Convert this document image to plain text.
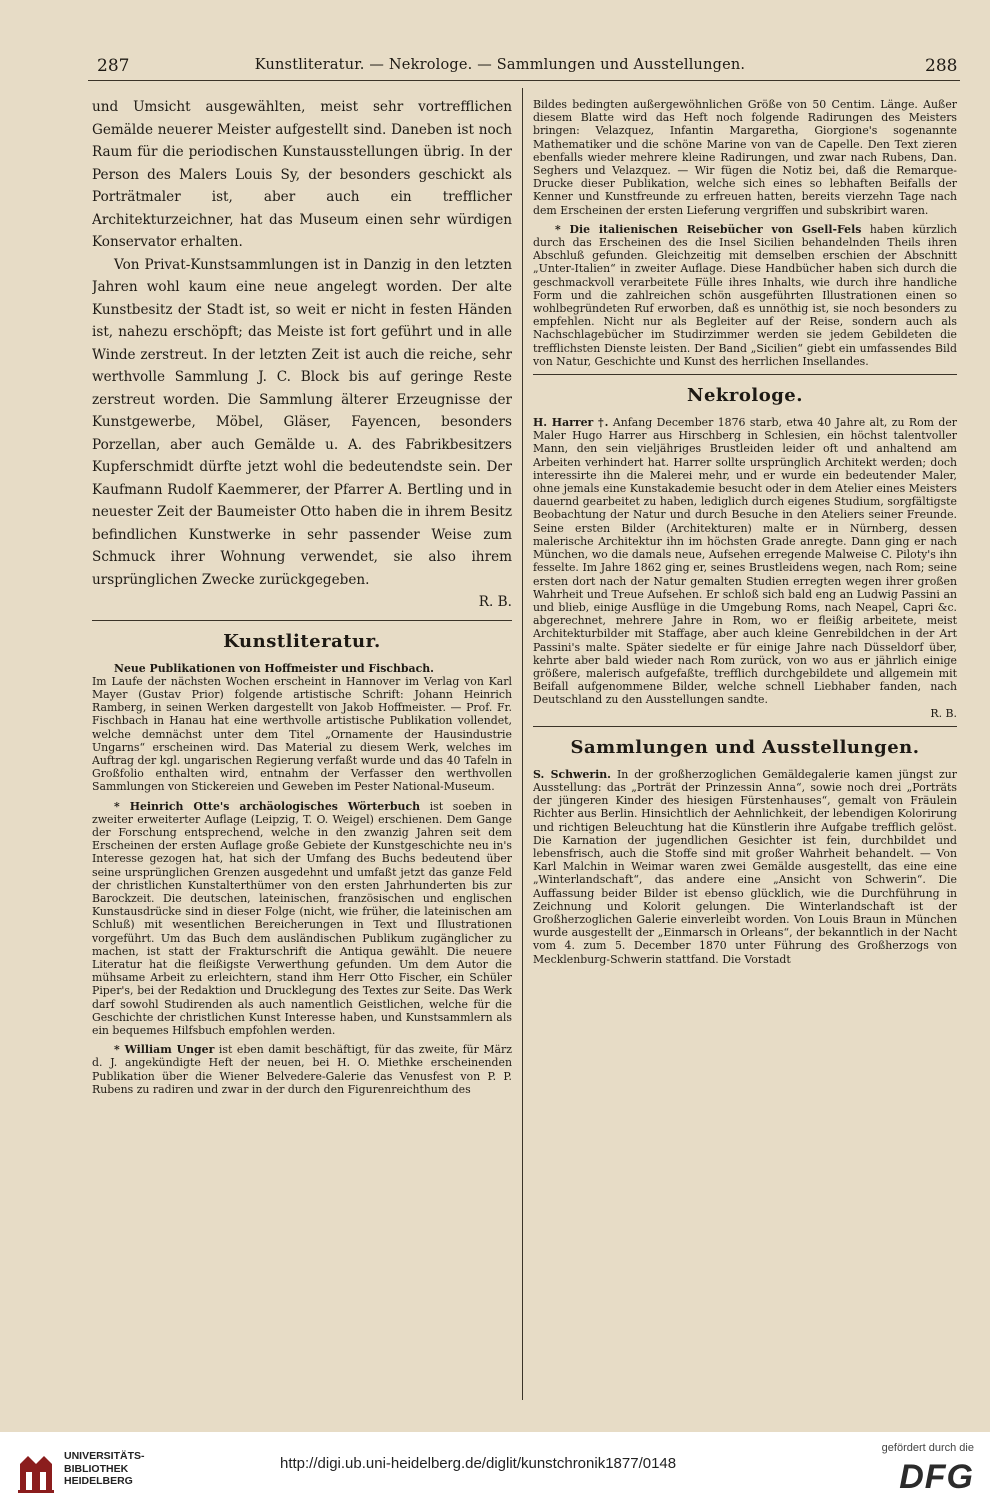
287	Kunstliteratur. — Nekrologe. — Sammlungen und Ausstellungen.	288

und Umsicht ausgewählten, meist sehr vortrefflichen Gemälde neuerer Meister aufgestellt sind. Daneben ist noch Raum für die periodischen Kunstausstellungen übrig. In der Person des Malers Louis Sy, der besonders geschickt als Porträtmaler ist, aber auch ein trefflicher Architekturzeichner, hat das Museum einen sehr würdigen Konservator erhalten.

Von Privat-Kunstsammlungen ist in Danzig in den letzten Jahren wohl kaum eine neue angelegt worden. Der alte Kunstbesitz der Stadt ist, so weit er nicht in festen Händen ist, nahezu erschöpft; das Meiste ist fort geführt und in alle Winde zerstreut. In der letzten Zeit ist auch die reiche, sehr werthvolle Sammlung J. C. Block bis auf geringe Reste zerstreut worden. Die Sammlung älterer Erzeugnisse der Kunstgewerbe, Möbel, Gläser, Fayencen, besonders Porzellan, aber auch Gemälde u. A. des Fabrikbesitzers Kupferschmidt dürfte jetzt wohl die bedeutendste sein. Der Kaufmann Rudolf Kaemmerer, der Pfarrer A. Bertling und in neuester Zeit der Baumeister Otto haben die in ihrem Besitz befindlichen Kunstwerke in sehr passender Weise zum Schmuck ihrer Wohnung verwendet, sie also ihrem ursprünglichen Zwecke zurückgegeben.

R. B.

Kunstliteratur.

Neue Publikationen von Hoffmeister und Fischbach.

Im Laufe der nächsten Wochen erscheint in Hannover im Verlag von Karl Mayer (Gustav Prior) folgende artistische Schrift: Johann Heinrich Ramberg, in seinen Werken dargestellt von Jakob Hoffmeister. — Prof. Fr. Fischbach in Hanau hat eine werthvolle artistische Publikation vollendet, welche demnächst unter dem Titel „Ornamente der Hausindustrie Ungarns“ erscheinen wird. Das Material zu diesem Werk, welches im Auftrag der kgl. ungarischen Regierung verfaßt wurde und das 40 Tafeln in Großfolio enthalten wird, entnahm der Verfasser den werthvollen Sammlungen von Stickereien und Geweben im Pester National-Museum.

* Heinrich Otte's archäologisches Wörterbuch ist soeben in zweiter erweiterter Auflage (Leipzig, T. O. Weigel) erschienen. Dem Gange der Forschung entsprechend, welche in den zwanzig Jahren seit dem Erscheinen der ersten Auflage große Gebiete der Kunstgeschichte neu in's Interesse gezogen hat, hat sich der Umfang des Buchs bedeutend über seine ursprünglichen Grenzen ausgedehnt und umfaßt jetzt das ganze Feld der christlichen Kunstalterthümer von den ersten Jahrhunderten bis zur Barockzeit. Die deutschen, lateinischen, französischen und englischen Kunstausdrücke sind in dieser Folge (nicht, wie früher, die lateinischen am Schluß) mit wesentlichen Bereicherungen in Text und Illustrationen vorgeführt. Um das Buch dem ausländischen Publikum zugänglicher zu machen, ist statt der Frakturschrift die Antiqua gewählt. Die neuere Literatur hat die fleißigste Verwerthung gefunden. Um dem Autor die mühsame Arbeit zu erleichtern, stand ihm Herr Otto Fischer, ein Schüler Piper's, bei der Redaktion und Drucklegung des Textes zur Seite. Das Werk darf sowohl Studirenden als auch namentlich Geistlichen, welche für die Geschichte der christlichen Kunst Interesse haben, und Kunstsammlern als ein bequemes Hilfsbuch empfohlen werden.

* William Unger ist eben damit beschäftigt, für das zweite, für März d. J. angekündigte Heft der neuen, bei H. O. Miethke erscheinenden Publikation über die Wiener Belvedere-Galerie das Venusfest von P. P. Rubens zu radiren und zwar in der durch den Figurenreichthum des

Bildes bedingten außergewöhnlichen Größe von 50 Centim. Länge. Außer diesem Blatte wird das Heft noch folgende Radirungen des Meisters bringen: Velazquez, Infantin Margaretha, Giorgione's sogenannte Mathematiker und die schöne Marine von van de Capelle. Den Text zieren ebenfalls wieder mehrere kleine Radirungen, und zwar nach Rubens, Dan. Seghers und Velazquez. — Wir fügen die Notiz bei, daß die Remarque-Drucke dieser Publikation, welche sich eines so lebhaften Beifalls der Kenner und Kunstfreunde zu erfreuen hatten, bereits vierzehn Tage nach dem Erscheinen der ersten Lieferung vergriffen und subskribirt waren.

* Die italienischen Reisebücher von Gsell-Fels haben kürzlich durch das Erscheinen des die Insel Sicilien behandelnden Theils ihren Abschluß gefunden. Gleichzeitig mit demselben erschien der Abschnitt „Unter-Italien“ in zweiter Auflage. Diese Handbücher haben sich durch die geschmackvoll verarbeitete Fülle ihres Inhalts, wie durch ihre handliche Form und die zahlreichen schön ausgeführten Illustrationen einen so wohlbegründeten Ruf erworben, daß es unnöthig ist, sie noch besonders zu empfehlen. Nicht nur als Begleiter auf der Reise, sondern auch als Nachschlagebücher im Studirzimmer werden sie jedem Gebildeten die trefflichsten Dienste leisten. Der Band „Sicilien“ giebt ein umfassendes Bild von Natur, Geschichte und Kunst des herrlichen Insellandes.

Nekrologe.

H. Harrer †. Anfang December 1876 starb, etwa 40 Jahre alt, zu Rom der Maler Hugo Harrer aus Hirschberg in Schlesien, ein höchst talentvoller Mann, den sein vieljähriges Brustleiden leider oft und anhaltend am Arbeiten verhindert hat. Harrer sollte ursprünglich Architekt werden; doch interessirte ihn die Malerei mehr, und er wurde ein bedeutender Maler, ohne jemals eine Kunstakademie besucht oder in dem Atelier eines Meisters dauernd gearbeitet zu haben, lediglich durch eigenes Studium, sorgfältigste Beobachtung der Natur und durch Besuche in den Ateliers seiner Freunde. Seine ersten Bilder (Architekturen) malte er in Nürnberg, dessen malerische Architektur ihn im höchsten Grade anregte. Dann ging er nach München, wo die damals neue, Aufsehen erregende Malweise C. Piloty's ihn fesselte. Im Jahre 1862 ging er, seines Brustleidens wegen, nach Rom; seine ersten dort nach der Natur gemalten Studien erregten wegen ihrer großen Wahrheit und Treue Aufsehen. Er schloß sich bald eng an Ludwig Passini an und blieb, einige Ausflüge in die Umgebung Roms, nach Neapel, Capri &c. abgerechnet, mehrere Jahre in Rom, wo er fleißig arbeitete, meist Architekturbilder mit Staffage, aber auch kleine Genrebildchen in der Art Passini's malte. Später siedelte er für einige Jahre nach Düsseldorf über, kehrte aber bald wieder nach Rom zurück, von wo aus er jährlich einige größere, malerisch aufgefaßte, trefflich durchgebildete und allgemein mit Beifall aufgenommene Bilder, welche schnell Liebhaber fanden, nach Deutschland zu den Ausstellungen sandte.

R. B.

Sammlungen und Ausstellungen.

S. Schwerin. In der großherzoglichen Gemäldegalerie kamen jüngst zur Ausstellung: das „Porträt der Prinzessin Anna“, sowie noch drei „Porträts der jüngeren Kinder des hiesigen Fürstenhauses“, gemalt von Fräulein Richter aus Berlin. Hinsichtlich der Aehnlichkeit, der lebendigen Kolorirung und richtigen Beleuchtung hat die Künstlerin ihre Aufgabe trefflich gelöst. Die Karnation der jugendlichen Gesichter ist fein, durchbildet und lebensfrisch, auch die Stoffe sind mit großer Wahrheit behandelt. — Von Karl Malchin in Weimar waren zwei Gemälde ausgestellt, das eine eine „Winterlandschaft“, das andere eine „Ansicht von Schwerin“. Die Auffassung beider Bilder ist ebenso glücklich, wie die Durchführung in Zeichnung und Kolorit gelungen. Die Winterlandschaft ist der Großherzoglichen Galerie einverleibt worden. Von Louis Braun in München wurde ausgestellt der „Einmarsch in Orleans“, der bekanntlich in der Nacht vom 4. zum 5. December 1870 unter Führung des Großherzogs von Mecklenburg-Schwerin stattfand. Die Vorstadt

UNIVERSITÄTS-
BIBLIOTHEK
HEIDELBERG
http://digi.ub.uni-heidelberg.de/diglit/kunstchronik1877/0148
gefördert durch die
DFG
